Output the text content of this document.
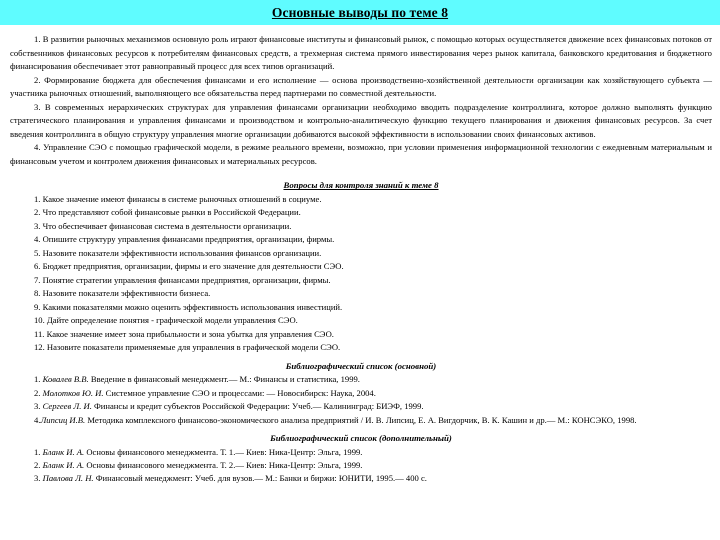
Основные выводы по теме 8

1. В развитии рыночных механизмов основную роль играют финансовые институты и финансовый рынок, с помощью которых осуществляется движение всех финансовых потоков от собственников финансовых ресурсов к потребителям финансовых средств, а трехмерная система прямого инвестирования через рынок капитала, банковского кредитования и бюджетного финансирования обеспечивает этот равноправный процесс для всех типов организаций.

2. Формирование бюджета для обеспечения финансами и его исполнение — основа производственно-хозяйственной деятельности организации как хозяйствующего субъекта — участника рыночных отношений, выполняющего все обязательства перед партнерами по совместной деятельности.

3. В современных иерархических структурах для управления финансами организации необходимо вводить подразделение контроллинга, которое должно выполнять функцию стратегического планирования и управления финансами и производством и контрольно-аналитическую функцию текущего планирования и движения финансовых ресурсов. За счет введения контроллинга в общую структуру управления многие организации добиваются высокой эффективности в использовании своих финансовых активов.

4. Управление СЭО с помощью графической модели, в режиме реального времени, возможно, при условии применения информационной технологии с ежедневным материальным и финансовым учетом и контролем движения финансовых и материальных ресурсов.

Вопросы для контроля знаний к теме 8
1. Какое значение имеют финансы в системе рыночных отношений в социуме.
2. Что представляют собой финансовые рынки в Российской Федерации.
3. Что обеспечивает финансовая система в деятельности организации.
4. Опишите структуру управления финансами предприятия, организации, фирмы.
5. Назовите показатели эффективности использования финансов организации.
6. Бюджет предприятия, организации, фирмы и его значение для деятельности СЭО.
7. Понятие стратегии управления финансами предприятия, организации, фирмы.
8. Назовите показатели эффективности бизнеса.
9. Какими показателями можно оценить эффективность использования инвестиций.
10. Дайте определение понятия - графической модели управления СЭО.
11. Какое значение имеет зона прибыльности и зона убытка для управления СЭО.
12. Назовите показатели применяемые для управления в графической модели СЭО.
Библиографический список (основной)
1. Ковалев В.В. Введение в финансовый менеджмент.— М.: Финансы и статистика, 1999.
2. Молотков Ю. И. Системное управление СЭО и процессами: — Новосибирск: Наука, 2004.
3. Сергеев Л. И. Финансы и кредит субъектов Российской Федерации: Учеб.— Калининград: БИЭФ, 1999.
4.Липсиц И.В. Методика комплексного финансово-экономического анализа предприятий / И. В. Липсиц, Е. А. Вигдорчик, В. К. Кашин и др.— М.: КОНСЭКО, 1998.
Библиографический список (дополнительный)
1. Бланк И. А. Основы финансового менеджмента. Т. 1.— Киев: Ника-Центр: Эльга, 1999.
2. Бланк И. А. Основы финансового менеджмента. Т. 2.— Киев: Ника-Центр: Эльга, 1999.
3. Павлова Л. Н. Финансовый менеджмент: Учеб. для вузов.— М.: Банки и биржи: ЮНИТИ, 1995.— 400 с.
